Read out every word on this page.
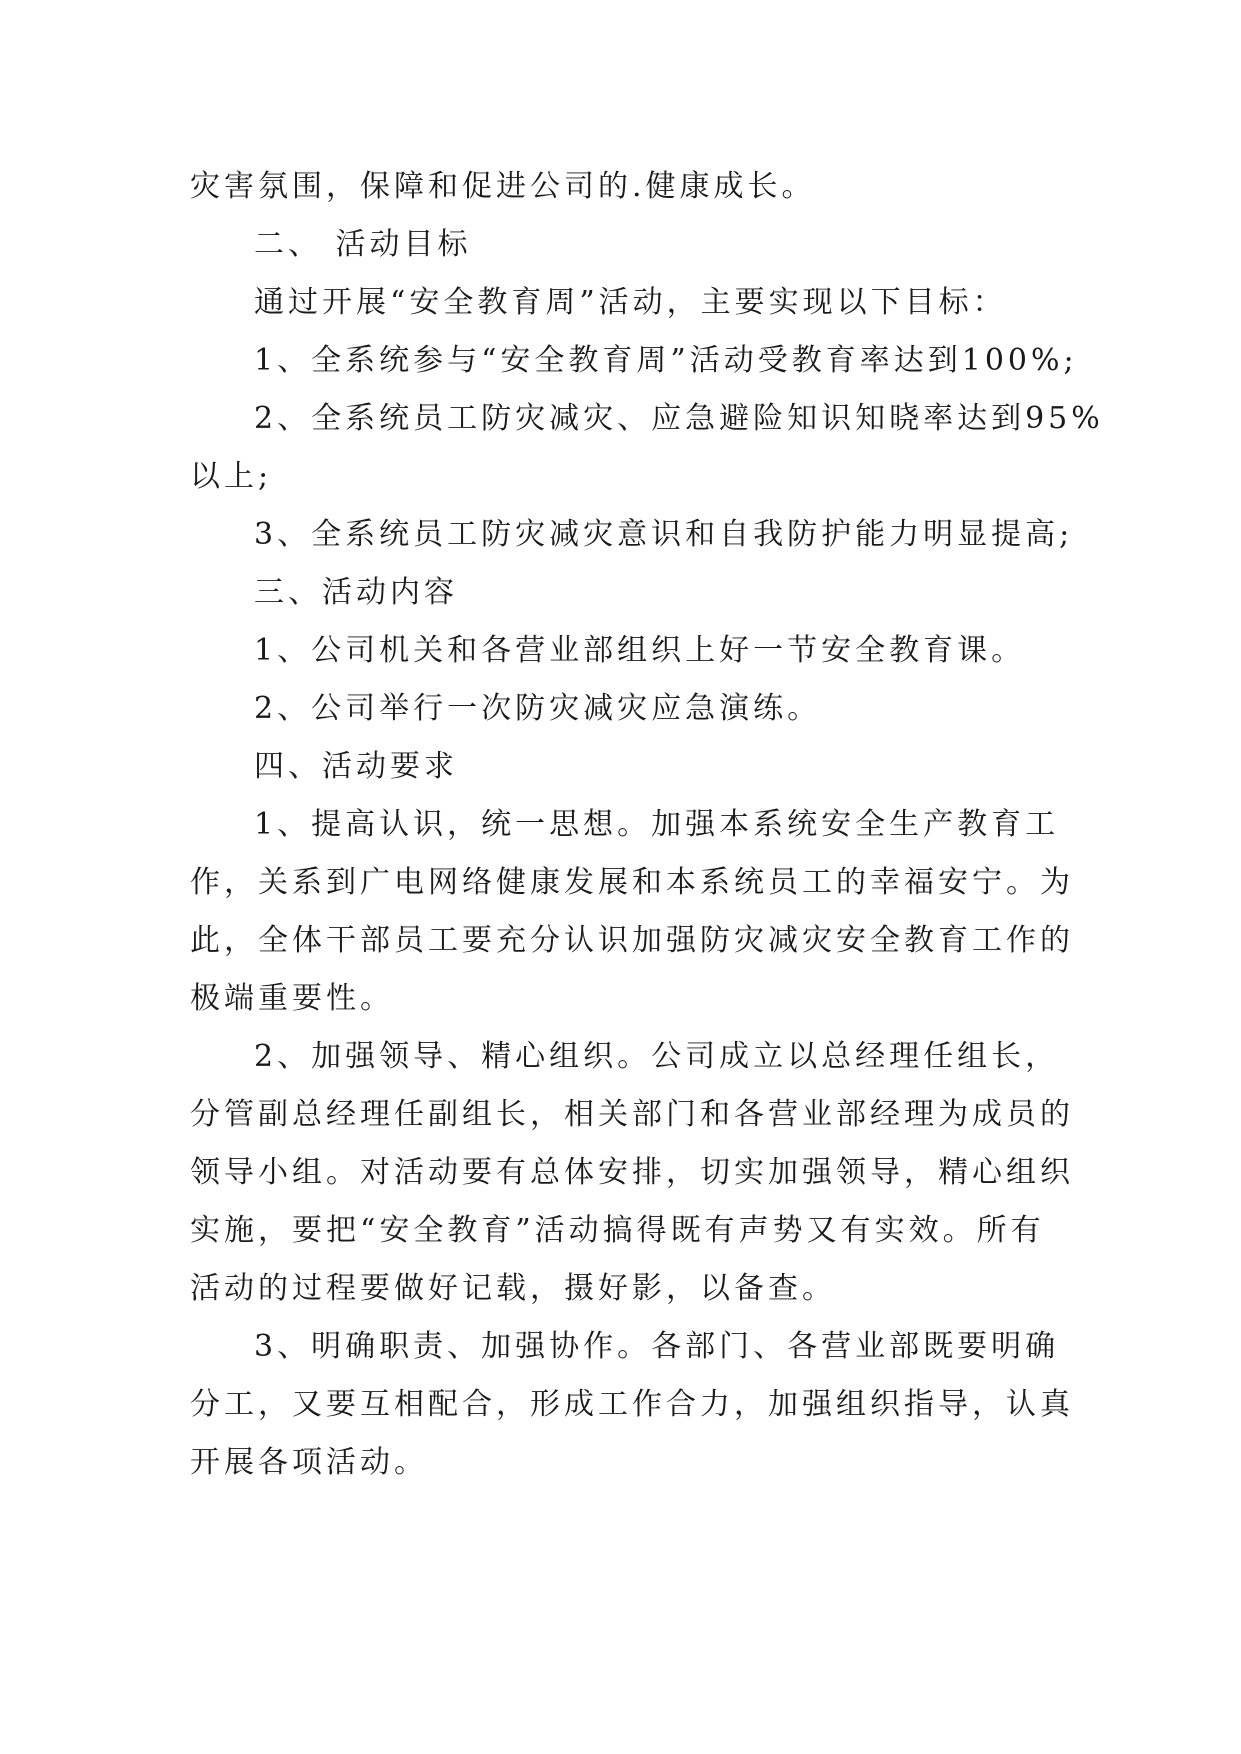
灾害氛围，保障和促进公司的.健康成长。
二、 活动目标
通过开展“安全教育周”活动，主要实现以下目标：
1、全系统参与“安全教育周”活动受教育率达到100%;
2、全系统员工防灾减灾、应急避险知识知晓率达到95%
以上;
3、全系统员工防灾减灾意识和自我防护能力明显提高;
三、活动内容
1、公司机关和各营业部组织上好一节安全教育课。
2、公司举行一次防灾减灾应急演练。
四、活动要求
1、提高认识，统一思想。加强本系统安全生产教育工
作，关系到广电网络健康发展和本系统员工的幸福安宁。为
此，全体干部员工要充分认识加强防灾减灾安全教育工作的
极端重要性。
2、加强领导、精心组织。公司成立以总经理任组长，
分管副总经理任副组长，相关部门和各营业部经理为成员的
领导小组。对活动要有总体安排，切实加强领导，精心组织
实施，要把“安全教育”活动搞得既有声势又有实效。所有
活动的过程要做好记载，摄好影，以备查。
3、明确职责、加强协作。各部门、各营业部既要明确
分工，又要互相配合，形成工作合力，加强组织指导，认真
开展各项活动。
